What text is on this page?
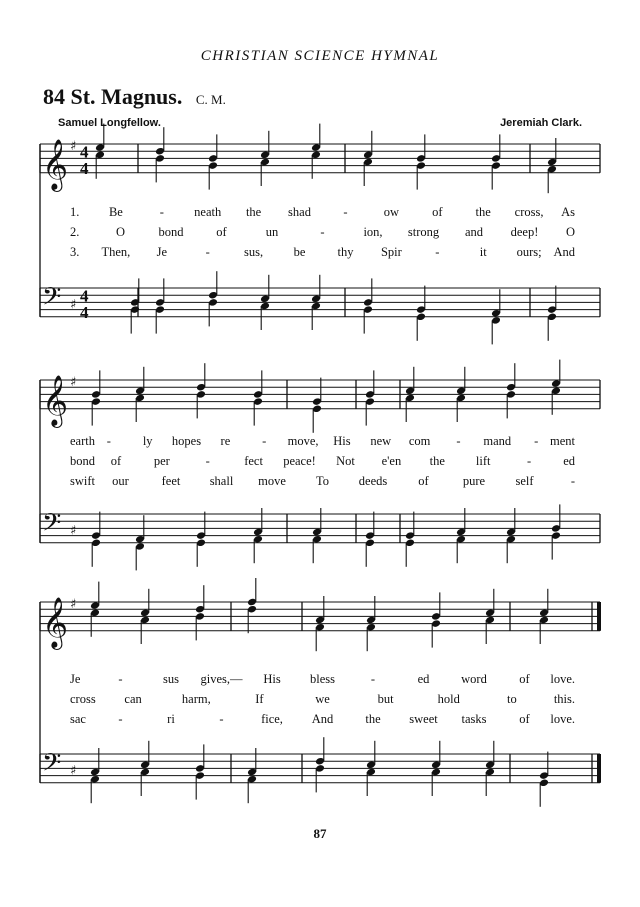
CHRISTIAN SCIENCE HYMNAL
84 St. Magnus. C. M.
Samuel Longfellow.	Jeremiah Clark.
87
𝄞
𝄢
♯
♯
4
4
4
4
1. Be	- neath the shad	-	ow	of	the cross, As
2.	O	bond	of	un	-	ion, strong and deep! O
3. Then, Je	-	sus, be	thy Spir	-	it ours; And
𝄞
𝄢
♯
♯
earth -	ly hopes re	- move, His new com - mand - ment
bond of	per	-	fect peace! Not e'en the lift	-	ed
swift our	feet shall move To deeds of	pure self	-
𝄞
𝄢
♯
♯
Je	-	sus gives,— His bless	-	ed	word	of love.
cross can	harm,	If	we	but	hold	to	this.
sac	-	ri	-	fice, And	the sweet tasks	of love.
